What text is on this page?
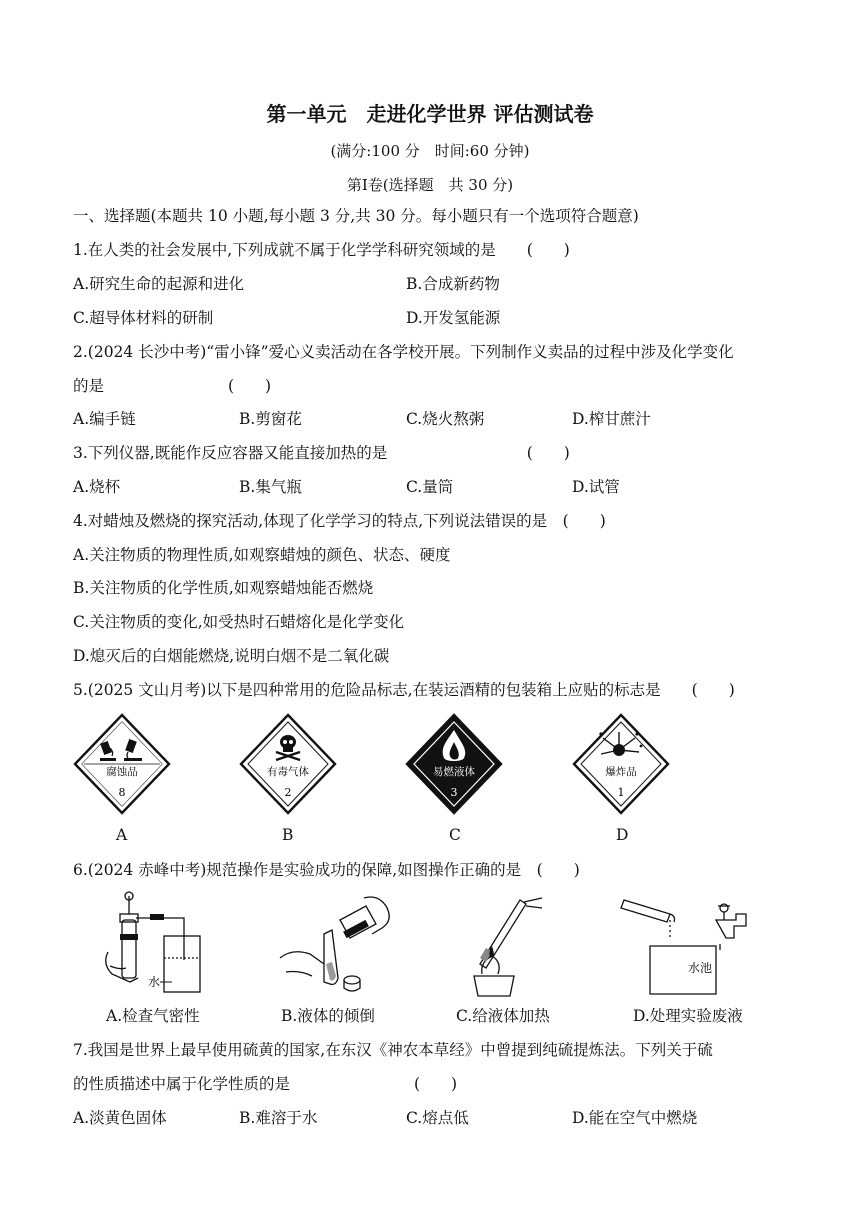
第一单元　走进化学世界 评估测试卷
(满分:100 分　时间:60 分钟)
第Ⅰ卷(选择题　共 30 分)
一、选择题(本题共 10 小题,每小题 3 分,共 30 分。每小题只有一个选项符合题意)
1.在人类的社会发展中,下列成就不属于化学学科研究领域的是　　(　　)
A.研究生命的起源和进化	B.合成新药物
C.超导体材料的研制	D.开发氢能源
2.(2024 长沙中考)“雷小锋”爱心义卖活动在各学校开展。下列制作义卖品的过程中涉及化学变化
的是　　　　　　　　(　　)
A.编手链	B.剪窗花	C.烧火熬粥	D.榨甘蔗汁
3.下列仪器,既能作反应容器又能直接加热的是　　　　　　　　　(　　)
A.烧杯	B.集气瓶	C.量筒	D.试管
4.对蜡烛及燃烧的探究活动,体现了化学学习的特点,下列说法错误的是　(　　)
A.关注物质的物理性质,如观察蜡烛的颜色、状态、硬度
B.关注物质的化学性质,如观察蜡烛能否燃烧
C.关注物质的变化,如受热时石蜡熔化是化学变化
D.熄灭后的白烟能燃烧,说明白烟不是二氧化碳
5.(2025 文山月考)以下是四种常用的危险品标志,在装运酒精的包装箱上应贴的标志是　　(　　)
腐蚀品
8
有毒气体
2
易燃液体
3
爆炸品
1
A	B	C	D
6.(2024 赤峰中考)规范操作是实验成功的保障,如图操作正确的是　(　　)
水
水池
A.检查气密性	B.液体的倾倒	C.给液体加热	D.处理实验废液
7.我国是世界上最早使用硫黄的国家,在东汉《神农本草经》中曾提到纯硫提炼法。下列关于硫
的性质描述中属于化学性质的是　　　　　　　　(　　)
A.淡黄色固体	B.难溶于水	C.熔点低	D.能在空气中燃烧
